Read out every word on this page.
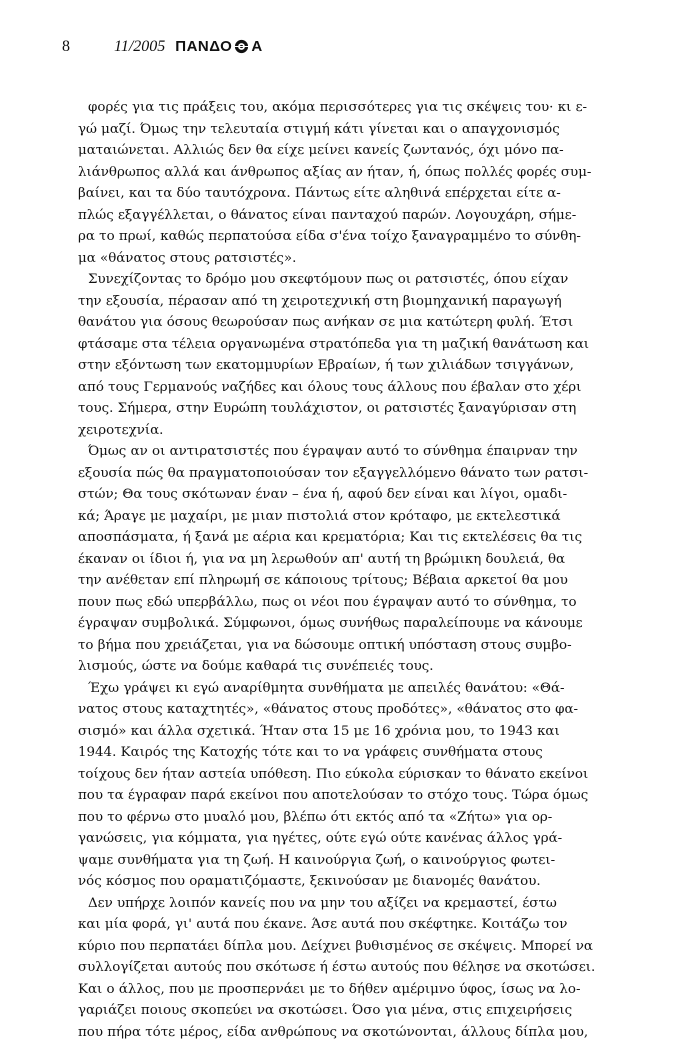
8	11/2005 ΠΑΝΔΟ Α

φορές για τις πράξεις του, ακόμα περισσότερες για τις σκέψεις του· κι ε-
γώ μαζί. Όμως την τελευταία στιγμή κάτι γίνεται και ο απαγχονισμός
ματαιώνεται. Αλλιώς δεν θα είχε μείνει κανείς ζωντανός, όχι μόνο πα-
λιάνθρωπος αλλά και άνθρωπος αξίας αν ήταν, ή, όπως πολλές φορές συμ-
βαίνει, και τα δύο ταυτόχρονα. Πάντως είτε αληθινά επέρχεται είτε α-
πλώς εξαγγέλλεται, ο θάνατος είναι πανταχού παρών. Λογουχάρη, σήμε-
ρα το πρωί, καθώς περπατούσα είδα σ'ένα τοίχο ξαναγραμμένο το σύνθη-
μα «θάνατος στους ρατσιστές».

Συνεχίζοντας το δρόμο μου σκεφτόμουν πως οι ρατσιστές, όπου είχαν
την εξουσία, πέρασαν από τη χειροτεχνική στη βιομηχανική παραγωγή
θανάτου για όσους θεωρούσαν πως ανήκαν σε μια κατώτερη φυλή. Έτσι
φτάσαμε στα τέλεια οργανωμένα στρατόπεδα για τη μαζική θανάτωση και
στην εξόντωση των εκατομμυρίων Εβραίων, ή των χιλιάδων τσιγγάνων,
από τους Γερμανούς ναζήδες και όλους τους άλλους που έβαλαν στο χέρι
τους. Σήμερα, στην Ευρώπη τουλάχιστον, οι ρατσιστές ξαναγύρισαν στη
χειροτεχνία.

Όμως αν οι αντιρατσιστές που έγραψαν αυτό το σύνθημα έπαιρναν την
εξουσία πώς θα πραγματοποιούσαν τον εξαγγελλόμενο θάνατο των ρατσι-
στών; Θα τους σκότωναν έναν – ένα ή, αφού δεν είναι και λίγοι, ομαδι-
κά; Άραγε με μαχαίρι, με μιαν πιστολιά στον κρόταφο, με εκτελεστικά
αποσπάσματα, ή ξανά με αέρια και κρεματόρια; Και τις εκτελέσεις θα τις
έκαναν οι ίδιοι ή, για να μη λερωθούν απ' αυτή τη βρώμικη δουλειά, θα
την ανέθεταν επί πληρωμή σε κάποιους τρίτους; Βέβαια αρκετοί θα μου
πουν πως εδώ υπερβάλλω, πως οι νέοι που έγραψαν αυτό το σύνθημα, το
έγραψαν συμβολικά. Σύμφωνοι, όμως συνήθως παραλείπουμε να κάνουμε
το βήμα που χρειάζεται, για να δώσουμε οπτική υπόσταση στους συμβο-
λισμούς, ώστε να δούμε καθαρά τις συνέπειές τους.

Έχω γράψει κι εγώ αναρίθμητα συνθήματα με απειλές θανάτου: «Θά-
νατος στους καταχτητές», «θάνατος στους προδότες», «θάνατος στο φα-
σισμό» και άλλα σχετικά. Ήταν στα 15 με 16 χρόνια μου, το 1943 και
1944. Καιρός της Κατοχής τότε και το να γράφεις συνθήματα στους
τοίχους δεν ήταν αστεία υπόθεση. Πιο εύκολα εύρισκαν το θάνατο εκείνοι
που τα έγραφαν παρά εκείνοι που αποτελούσαν το στόχο τους. Τώρα όμως
που το φέρνω στο μυαλό μου, βλέπω ότι εκτός από τα «Ζήτω» για ορ-
γανώσεις, για κόμματα, για ηγέτες, ούτε εγώ ούτε κανένας άλλος γρά-
ψαμε συνθήματα για τη ζωή. Η καινούργια ζωή, ο καινούργιος φωτει-
νός κόσμος που οραματιζόμαστε, ξεκινούσαν με διανομές θανάτου.

Δεν υπήρχε λοιπόν κανείς που να μην του αξίζει να κρεμαστεί, έστω
και μία φορά, γι' αυτά που έκανε. Άσε αυτά που σκέφτηκε. Κοιτάζω τον
κύριο που περπατάει δίπλα μου. Δείχνει βυθισμένος σε σκέψεις. Μπορεί να
συλλογίζεται αυτούς που σκότωσε ή έστω αυτούς που θέλησε να σκοτώσει.
Και ο άλλος, που με προσπερνάει με το δήθεν αμέριμνο ύφος, ίσως να λο-
γαριάζει ποιους σκοπεύει να σκοτώσει. Όσο για μένα, στις επιχειρήσεις
που πήρα τότε μέρος, είδα ανθρώπους να σκοτώνονται, άλλους δίπλα μου,
